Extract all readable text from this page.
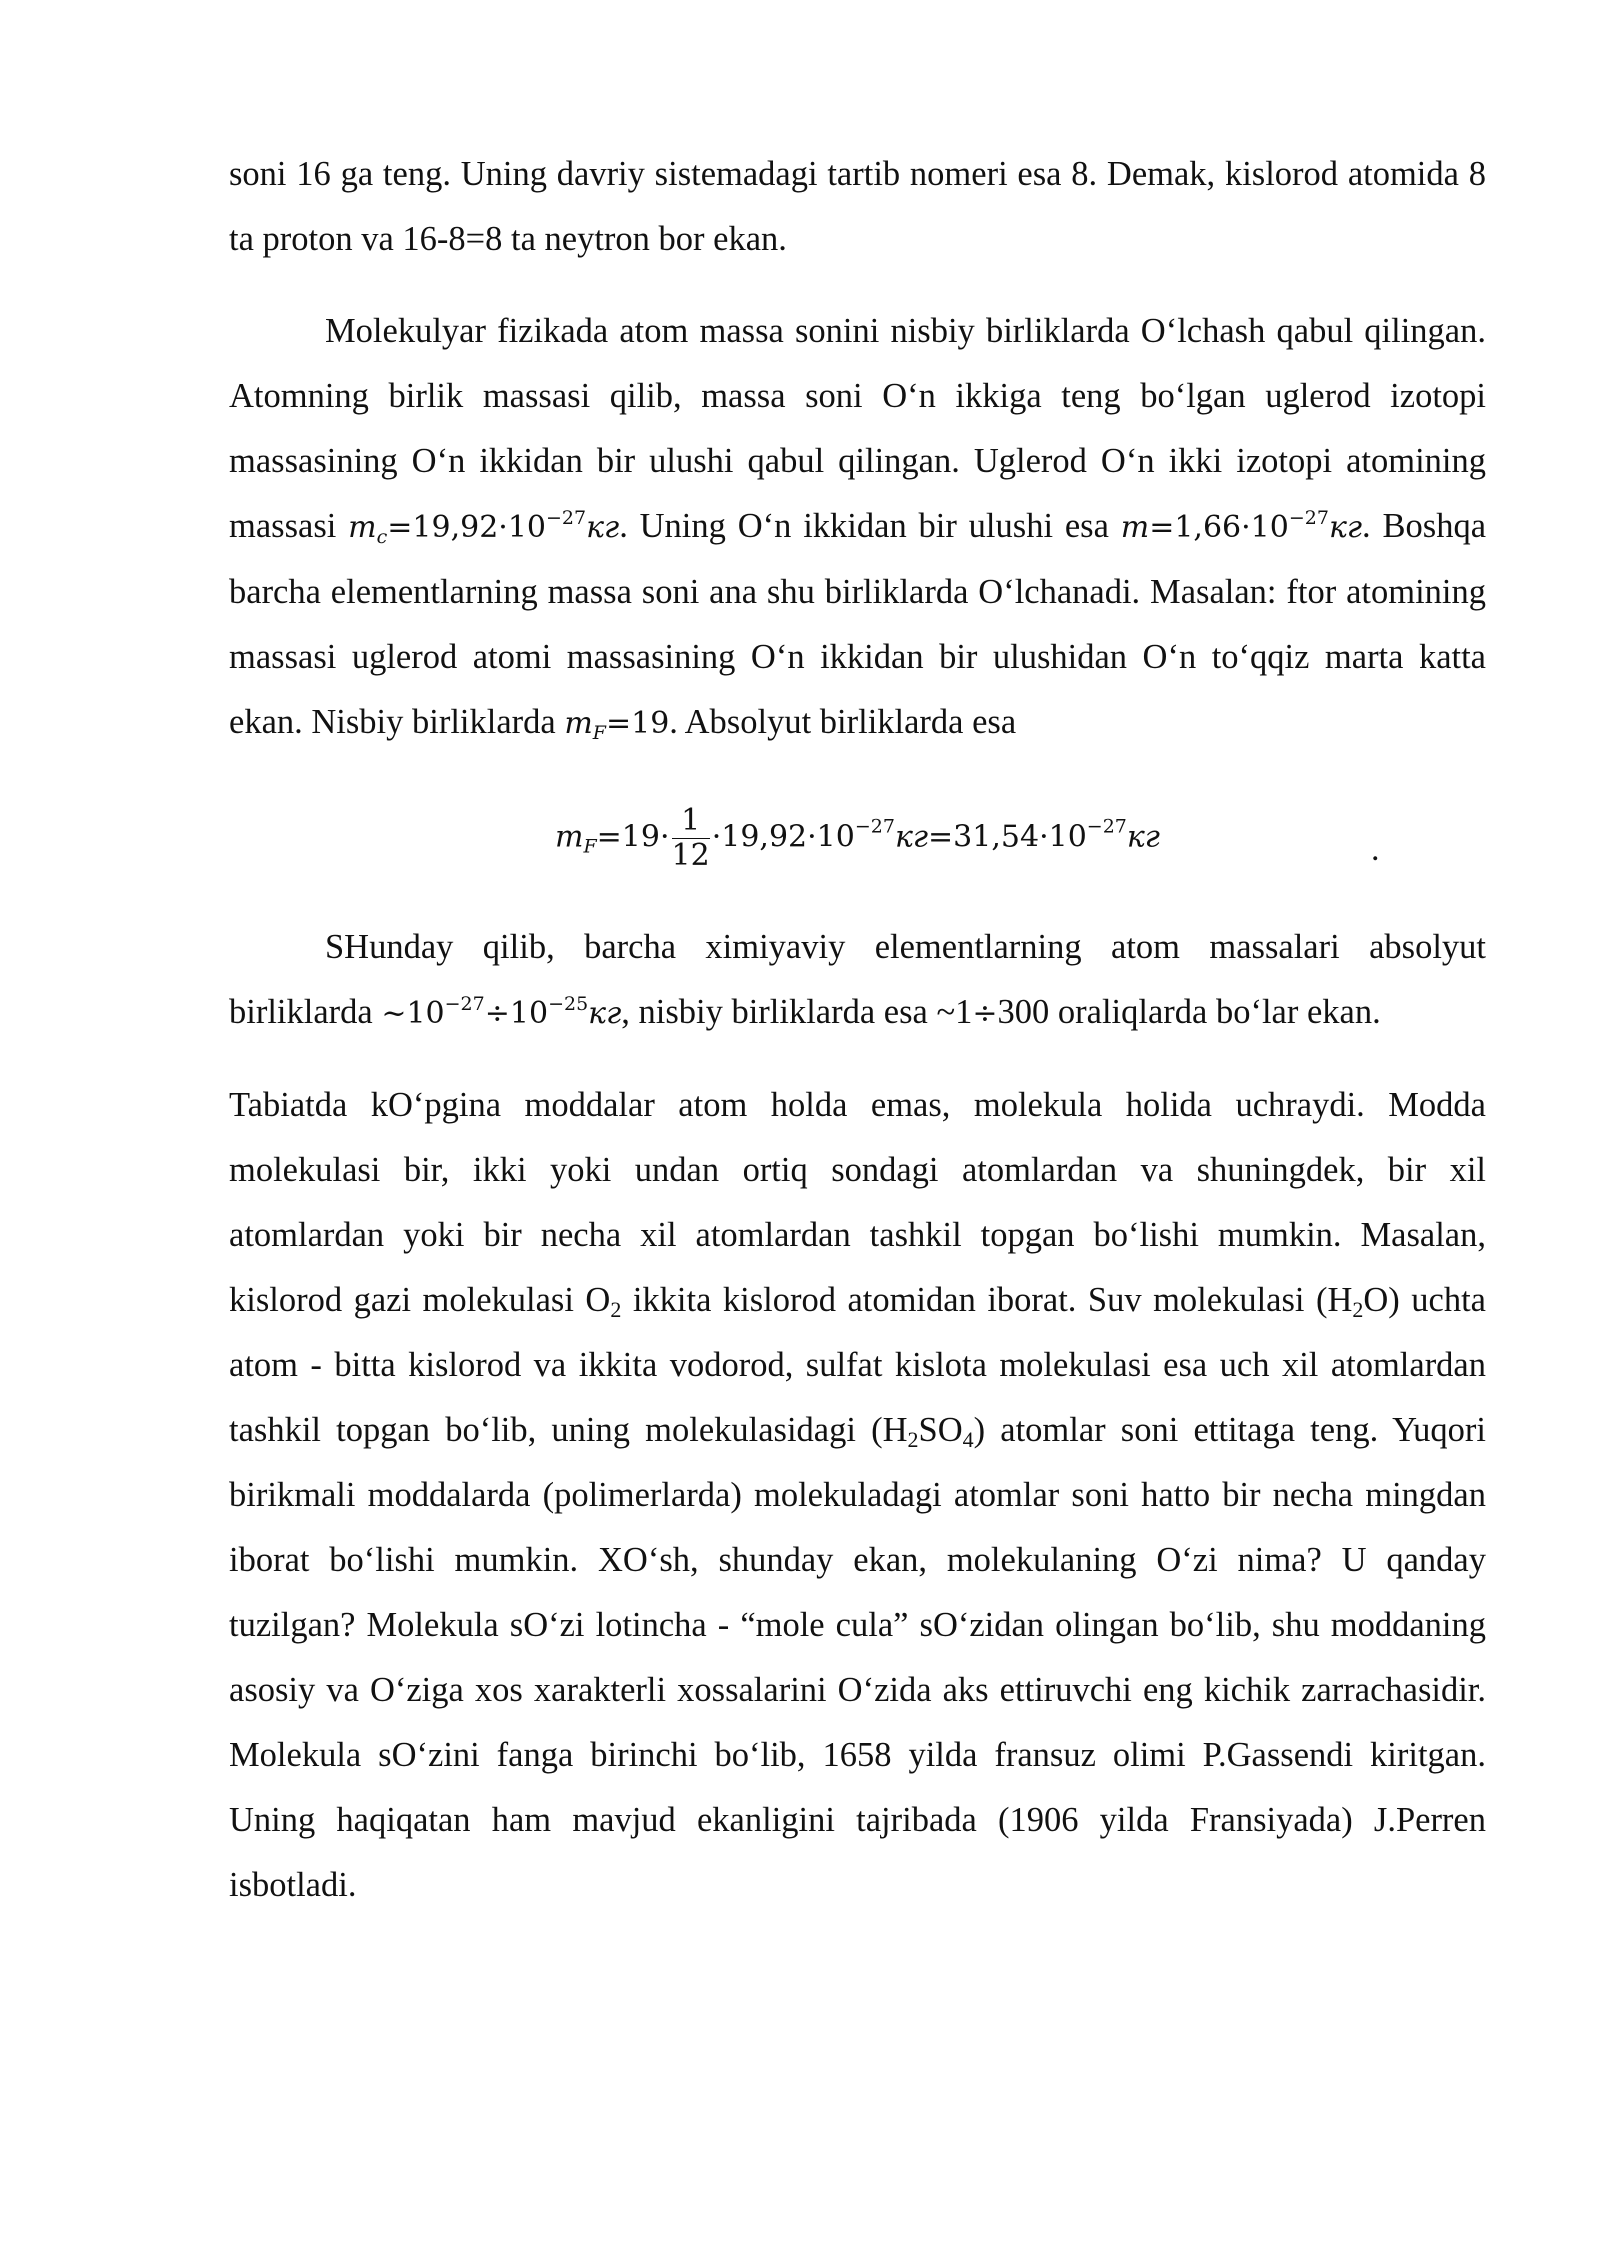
soni 16 ga teng. Uning davriy sistemadagi tartib nomeri esa 8. Demak, kislorod atomida 8 ta proton va 16-8=8 ta neytron bor ekan.

Molekulyar fizikada atom massa sonini nisbiy birliklarda O‘lchash qabul qilingan. Atomning birlik massasi qilib, massa soni O‘n ikkiga teng bo‘lgan uglerod izotopi massasining O‘n ikkidan bir ulushi qabul qilingan. Uglerod O‘n ikki izotopi atomining massasi $m_c=19,92\cdot 10^{-27}кг$. Uning O‘n ikkidan bir ulushi esa $m=1,66\cdot 10^{-27}кг$. Boshqa barcha elementlarning massa soni ana shu birliklarda O‘lchanadi. Masalan: ftor atomining massasi uglerod atomi massasining O‘n ikkidan bir ulushidan O‘n to‘qqiz marta katta ekan. Nisbiy birliklarda $m_F=19$. Absolyut birliklarda esa

$m_F=19\cdot \frac{1}{12} \cdot 19,92\cdot 10^{-27}кг=31,54\cdot 10^{-27}кг$	.

SHunday qilib, barcha ximiyaviy elementlarning atom massalari absolyut birliklarda $\sim 10^{-27}\div 10^{-25}кг$, nisbiy birliklarda esa ~1÷300 oraliqlarda bo‘lar ekan.

Tabiatda kO‘pgina moddalar atom holda emas, molekula holida uchraydi. Modda molekulasi bir, ikki yoki undan ortiq sondagi atomlardan va shuningdek, bir xil atomlardan yoki bir necha xil atomlardan tashkil topgan bo‘lishi mumkin. Masalan, kislorod gazi molekulasi $O_2$ ikkita kislorod atomidan iborat. Suv molekulasi $(H_2O)$ uchta atom - bitta kislorod va ikkita vodorod, sulfat kislota molekulasi esa uch xil atomlardan tashkil topgan bo‘lib, uning molekulasidagi $(H_2SO_4)$ atomlar soni ettitaga teng. Yuqori birikmali moddalarda (polimerlarda) molekuladagi atomlar soni hatto bir necha mingdan iborat bo‘lishi mumkin. XO‘sh, shunday ekan, molekulaning O‘zi nima? U qanday tuzilgan? Molekula sO‘zi lotincha - “mole cula” sO‘zidan olingan bo‘lib, shu moddaning asosiy va O‘ziga xos xarakterli xossalarini O‘zida aks ettiruvchi eng kichik zarrachasidir. Molekula sO‘zini fanga birinchi bo‘lib, 1658 yilda fransuz olimi P.Gassendi kiritgan. Uning haqiqatan ham mavjud ekanligini tajribada (1906 yilda Fransiyada) J.Perren isbotladi.
